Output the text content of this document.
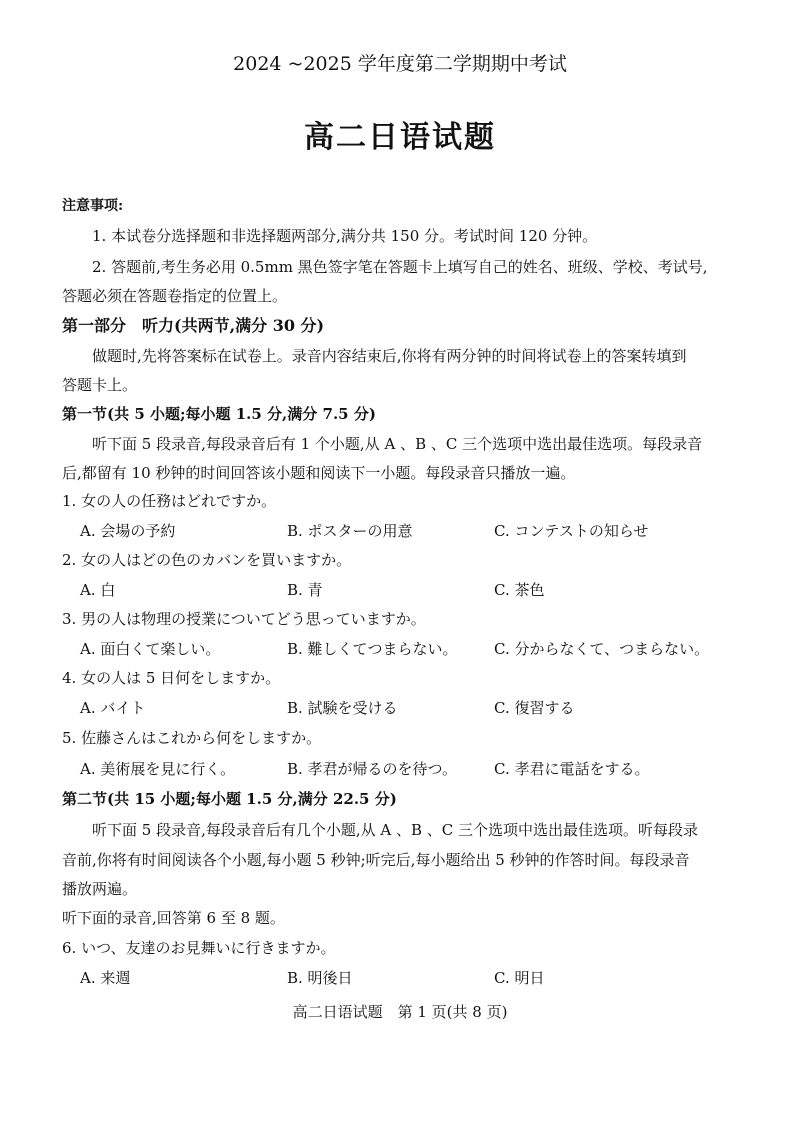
2024 ~2025 学年度第二学期期中考试
高二日语试题
注意事项:
1. 本试卷分选择题和非选择题两部分,满分共 150 分。考试时间 120 分钟。
2. 答题前,考生务必用 0.5mm 黑色签字笔在答题卡上填写自己的姓名、班级、学校、考试号,
答题必须在答题卷指定的位置上。
第一部分　听力(共两节,满分 30 分)
做题时,先将答案标在试卷上。录音内容结束后,你将有两分钟的时间将试卷上的答案转填到
答题卡上。
第一节(共 5 小题;每小题 1.5 分,满分 7.5 分)
听下面 5 段录音,每段录音后有 1 个小题,从 A 、B 、C 三个选项中选出最佳选项。每段录音
后,都留有 10 秒钟的时间回答该小题和阅读下一小题。每段录音只播放一遍。
1. 女の人の任務はどれですか。
A. 会場の予約	B. ポスターの用意	C. コンテストの知らせ
2. 女の人はどの色のカバンを買いますか。
A. 白	B. 青	C. 茶色
3. 男の人は物理の授業についてどう思っていますか。
A. 面白くて楽しい。	B. 難しくてつまらない。 C. 分からなくて、つまらない。
4. 女の人は 5 日何をしますか。
A. バイト	B. 試験を受ける	C. 復習する
5. 佐藤さんはこれから何をしますか。
A. 美術展を見に行く。	B. 孝君が帰るのを待つ。 C. 孝君に電話をする。
第二节(共 15 小题;每小题 1.5 分,满分 22.5 分)
听下面 5 段录音,每段录音后有几个小题,从 A 、B 、C 三个选项中选出最佳选项。听每段录
音前,你将有时间阅读各个小题,每小题 5 秒钟;听完后,每小题给出 5 秒钟的作答时间。每段录音
播放两遍。
听下面的录音,回答第 6 至 8 题。
6. いつ、友達のお見舞いに行きますか。
A. 来週	B. 明後日	C. 明日
高二日语试题　第 1 页(共 8 页)
